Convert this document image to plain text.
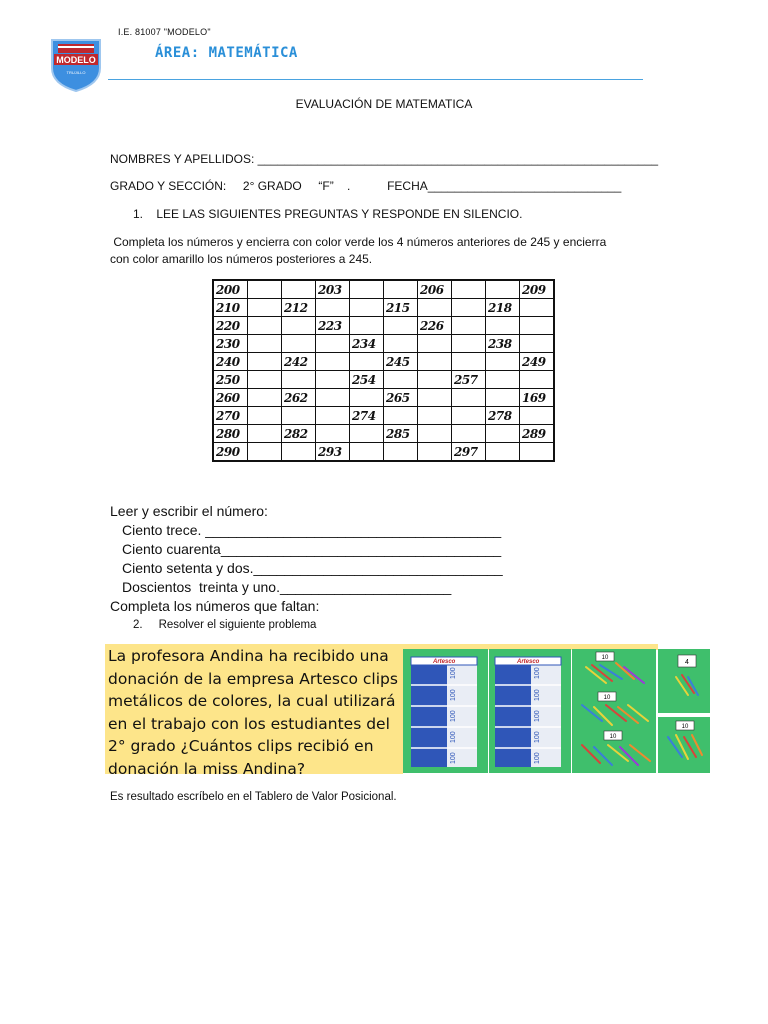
MODELO
TRUJILLO
I.E. 81007 "MODELO"
ÁREA: MATEMÁTICA
EVALUACIÓN DE MATEMATICA
NOMBRES Y APELLIDOS: ____________________________________________________________
GRADO Y SECCIÓN:     2° GRADO     “F”    .           FECHA_____________________________
1.    LEE LAS SIGUIENTES PREGUNTAS Y RESPONDE EN SILENCIO.
Completa los números y encierra con color verde los 4 números anteriores de 245 y encierra
con color amarillo los números posteriores a 245.
200			203			206			209
210		212			215			218	
220			223			226			
230				234				238	
240		242			245				249
250				254			257		
260		262			265				169
270				274				278	
280		282			285				289
290			293				297		
Leer y escribir el número:
Ciento trece. ______________________________________
Ciento cuarenta____________________________________
Ciento setenta y dos.________________________________
Doscientos  treinta y uno.______________________
Completa los números que faltan:
2.     Resolver el siguiente problema
La profesora Andina ha recibido una
donación de la empresa Artesco clips
metálicos de colores, la cual utilizará
en el trabajo con los estudiantes del
2° grado ¿Cuántos clips recibió en
donación la miss Andina?
Artesco
100
100
100
100
100
Artesco
100
100
100
100
100
10
10
10
4
10
Es resultado escríbelo en el Tablero de Valor Posicional.
